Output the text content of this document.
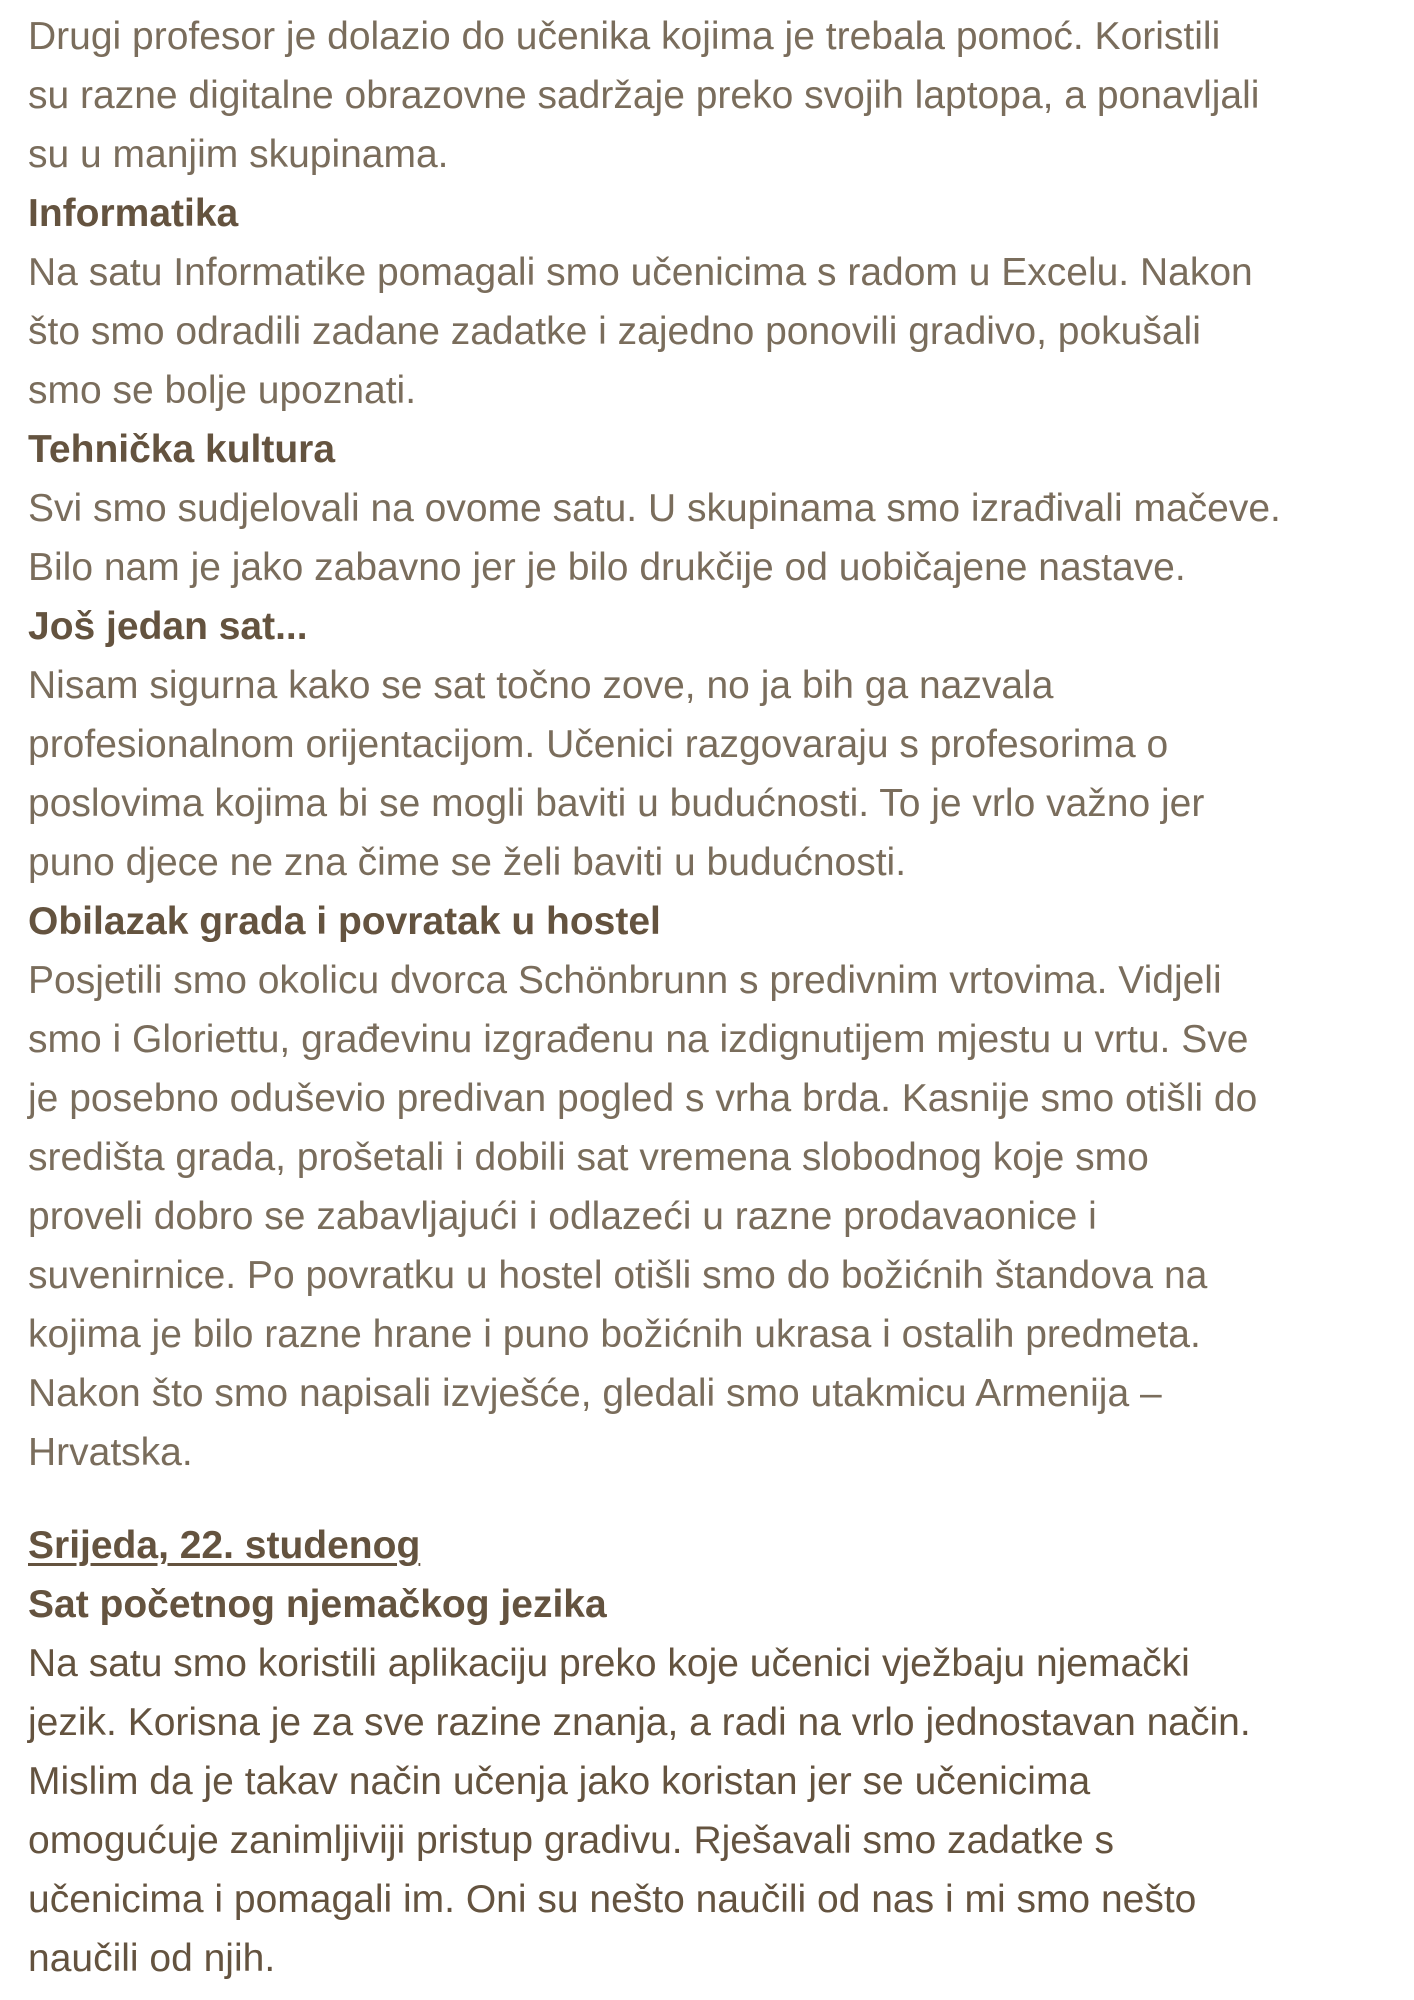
Drugi profesor je dolazio do učenika kojima je trebala pomoć. Koristili

su razne digitalne obrazovne sadržaje preko svojih laptopa, a ponavljali

su u manjim skupinama.

Informatika

Na satu Informatike pomagali smo učenicima s radom u Excelu. Nakon

što smo odradili zadane zadatke i zajedno ponovili gradivo, pokušali

smo se bolje upoznati.

Tehnička kultura

Svi smo sudjelovali na ovome satu. U skupinama smo izrađivali mačeve.

Bilo nam je jako zabavno jer je bilo drukčije od uobičajene nastave.

Još jedan sat...

Nisam sigurna kako se sat točno zove, no ja bih ga nazvala

profesionalnom orijentacijom. Učenici razgovaraju s profesorima o

poslovima kojima bi se mogli baviti u budućnosti. To je vrlo važno jer

puno djece ne zna čime se želi baviti u budućnosti.

Obilazak grada i povratak u hostel

Posjetili smo okolicu dvorca Schönbrunn s predivnim vrtovima. Vidjeli

smo i Gloriettu, građevinu izgrađenu na izdignutijem mjestu u vrtu. Sve

je posebno oduševio predivan pogled s vrha brda. Kasnije smo otišli do

središta grada, prošetali i dobili sat vremena slobodnog koje smo

proveli dobro se zabavljajući i odlazeći u razne prodavaonice i

suvenirnice. Po povratku u hostel otišli smo do božićnih štandova na

kojima je bilo razne hrane i puno božićnih ukrasa i ostalih predmeta.

Nakon što smo napisali izvješće, gledali smo utakmicu Armenija –

Hrvatska.

Srijeda, 22. studenog

Sat početnog njemačkog jezika

Na satu smo koristili aplikaciju preko koje učenici vježbaju njemački

jezik. Korisna je za sve razine znanja, a radi na vrlo jednostavan način.

Mislim da je takav način učenja jako koristan jer se učenicima

omogućuje zanimljiviji pristup gradivu. Rješavali smo zadatke s

učenicima i pomagali im. Oni su nešto naučili od nas i mi smo nešto

naučili od njih.
